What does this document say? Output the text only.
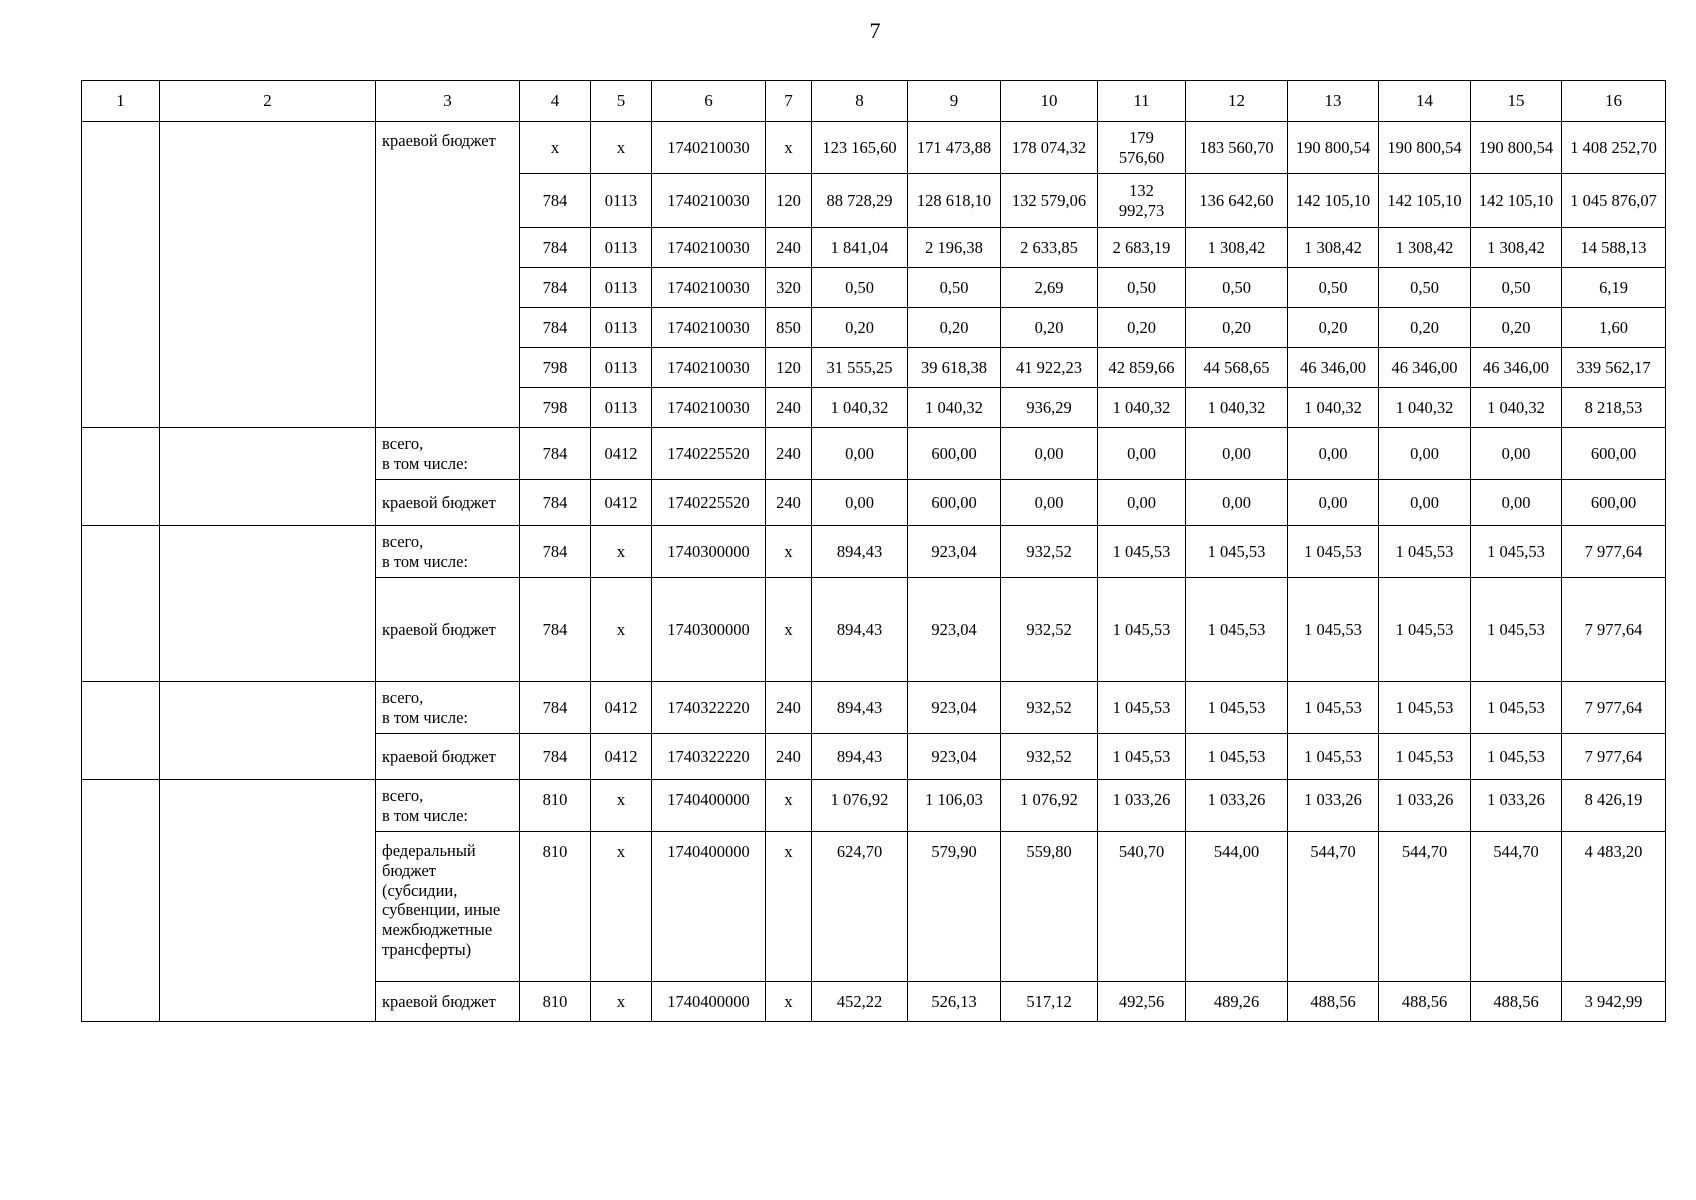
7
1	2	3	4	5	6	7	8	9	10	11	12	13	14	15	16
		краевой бюджет	x	x	1740210030	x	123 165,60	171 473,88	178 074,32	179 576,60	183 560,70	190 800,54	190 800,54	190 800,54	1 408 252,70
			784	0113	1740210030	120	88 728,29	128 618,10	132 579,06	132 992,73	136 642,60	142 105,10	142 105,10	142 105,10	1 045 876,07
			784	0113	1740210030	240	1 841,04	2 196,38	2 633,85	2 683,19	1 308,42	1 308,42	1 308,42	1 308,42	14 588,13
			784	0113	1740210030	320	0,50	0,50	2,69	0,50	0,50	0,50	0,50	0,50	6,19
			784	0113	1740210030	850	0,20	0,20	0,20	0,20	0,20	0,20	0,20	0,20	1,60
			798	0113	1740210030	120	31 555,25	39 618,38	41 922,23	42 859,66	44 568,65	46 346,00	46 346,00	46 346,00	339 562,17
			798	0113	1740210030	240	1 040,32	1 040,32	936,29	1 040,32	1 040,32	1 040,32	1 040,32	1 040,32	8 218,53
		всего,
в том числе:	784	0412	1740225520	240	0,00	600,00	0,00	0,00	0,00	0,00	0,00	0,00	600,00
		краевой бюджет	784	0412	1740225520	240	0,00	600,00	0,00	0,00	0,00	0,00	0,00	0,00	600,00
		всего,
в том числе:	784	x	1740300000	x	894,43	923,04	932,52	1 045,53	1 045,53	1 045,53	1 045,53	1 045,53	7 977,64
		краевой бюджет	784	x	1740300000	x	894,43	923,04	932,52	1 045,53	1 045,53	1 045,53	1 045,53	1 045,53	7 977,64
		всего,
в том числе:	784	0412	1740322220	240	894,43	923,04	932,52	1 045,53	1 045,53	1 045,53	1 045,53	1 045,53	7 977,64
		краевой бюджет	784	0412	1740322220	240	894,43	923,04	932,52	1 045,53	1 045,53	1 045,53	1 045,53	1 045,53	7 977,64
		всего,
в том числе:	810	x	1740400000	x	1 076,92	1 106,03	1 076,92	1 033,26	1 033,26	1 033,26	1 033,26	1 033,26	8 426,19
		федеральный бюджет (субсидии, субвенции, иные межбюджетные трансферты)	810	x	1740400000	x	624,70	579,90	559,80	540,70	544,00	544,70	544,70	544,70	4 483,20
		краевой бюджет	810	x	1740400000	x	452,22	526,13	517,12	492,56	489,26	488,56	488,56	488,56	3 942,99
